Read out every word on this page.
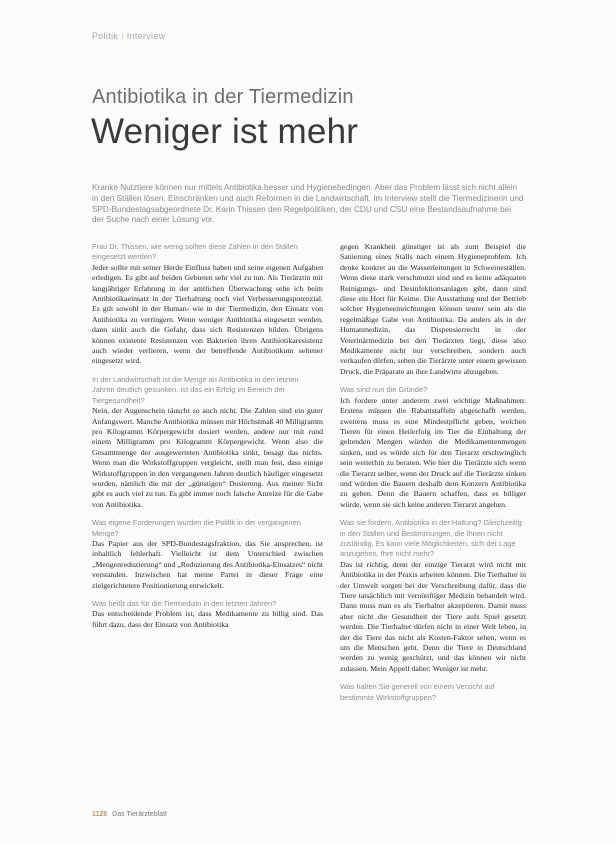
Politik | Interview
Antibiotika in der Tiermedizin
Weniger ist mehr
Kranke Nutztiere können nur mittels Antibiotika besser und Hygienebedingen. Aber das Problem lässt sich nicht allein in den Ställen lösen. Einschränken und auch Reformen in die Landwirtschaft. Im Interview stellt die Tiermedizinerin und SPD-Bundestagsabgeordnete Dr. Karin Thissen den Regelpolitiken, der CDU und CSU eine Bestandsaufnahme bei der Suche nach einer Lösung vor.
Frau Dr. Thissen, wie wenig sollten diese Zahlen in den Ställen eingesetzt werden?
Jeder sollte mit seiner Herde Einfluss haben und seine eigenen Aufgaben erledigen. Es gibt auf beiden Gebieten sehr viel zu tun. Als Tierärztin mit langjähriger Erfahrung in der amtlichen Überwachung sehe ich beim Antibiotikaeinsatz in der Tierhaltung noch viel Verbesserungspotenzial. Es gilt sowohl in der Human- wie in der Tiermedizin, den Einsatz von Antibiotika zu verringern. Wenn weniger Antibiotika eingesetzt werden, dann sinkt auch die Gefahr, dass sich Resistenzen bilden. Übrigens können existente Resistenzen von Bakterien ihren Antibiotikaresistenz auch wieder verlieren, wenn der betreffende Antibiotikum seltener eingesetzt wird.
In der Landwirtschaft ist die Menge an Antibiotika in den letzten Jahren deutlich gesunken. Ist das ein Erfolg im Bereich der Tiergesundheit?
Nein, der Augenschein täuscht so auch nicht. Die Zahlen sind ein guter Anfangswert. Manche Antibiotika müssen mit Höchstmaß 40 Milligramm pro Kilogramm Körpergewicht dosiert werden, andere nur mit rund einem Milligramm pro Kilogramm Körpergewicht. Wenn also die Gesamtmenge der ausgewerteten Antibiotika sinkt, besagt das nichts. Wenn man die Wirkstoffgruppen vergleicht, stellt man fest, dass einige Wirkstoffgruppen in den vergangenen Jahren deutlich häufiger eingesetzt wurden, nämlich die mit der „günstigen“ Dosierung. Aus meiner Sicht gibt es auch viel zu tun. Es gibt immer noch falsche Anreize für die Gabe von Antibiotika.
Was eigene Forderungen wurden die Politik in der vergangenen Menge?
Das Papier aus der SPD-Bundestagsfraktion, das Sie ansprechen, ist inhaltlich fehlerhaft. Vielleicht ist dem Unterschied zwischen „Mengenreduzierung“ und „Reduzierung des Antibiotika-Einsatzes“ nicht verstanden. Inzwischen hat meine Partei in dieser Frage eine zielgerichtetere Positionierung entwickelt.
Was heißt das für die Tiermedizin in den letzten Jahren?
Das entscheidende Problem ist, dass Medikamente zu billig sind. Das führt dazu, dass der Einsatz von Antibiotika
gegen Krankheit günstiger ist als zum Beispiel die Sanierung eines Stalls nach einem Hygieneproblem. Ich denke konkret an die Wasserleitungen in Schweineställen. Wenn diese stark verschmutzt sind und es keine adäquaten Reinigungs- und Desinfektionsanlagen gibt, dann sind diese ein Hort für Keime. Die Ausstattung und der Betrieb solcher Hygieneeinrichtungen können teurer sein als die regelmäßige Gabe von Antibiotika. Da anders als in der Humanmedizin, das Dispensierrecht in der Veterinärmedizin bei den Tierärzten liegt, diese also Medikamente nicht nur verschreiben, sondern auch verkaufen dürfen, sehen die Tierärzte unter einem gewissen Druck, die Präparate an ihre Landwirte abzugeben.
Was sind nun die Gründe?
Ich fordere unter anderem zwei wichtige Maßnahmen: Erstens müssen die Rabattstaffeln abgeschafft werden, zweitens muss es eine Mindestpflicht geben, welchen Tieren für einen Heilerfolg im Tier die Einhaltung der geltenden Mengen würden die Medikamentenmengen sinken, und es würde sich für den Tierarzt erschwinglich sein weiterhin zu beraten. Wie hier die Tierärzte sich wenn die Tierarzt selber, wenn der Druck auf die Tierärzte sinken und würden die Bauern deshalb dem Konzern Antibiotika zu geben. Denn die Bauern schaffen, dass es billiger würde, wenn sie sich keine anderen Tierarzt angehen.
Was sie fordern, Antibiotika in der Haltung? Gleichzeitig in den Ställen und Bestimmungen, die Ihnen nicht zuständig. Es kann viele Möglichkeiten, sich der Lage anzugehen, Ihre nicht mehr?
Das ist richtig, denn der einzige Tierarzt wird nicht mit Antibiotika in der Praxis arbeiten können. Die Tierhalter in der Umwelt sorgen bei der Verschreibung dafür, dass die Tiere tatsächlich mit vernünftiger Medizin behandelt wird. Dann muss man es als Tierhalter akzeptieren. Damit muss aber nicht die Gesundheit der Tiere aufs Spiel gesetzt werden. Die Tierhalter dürfen nicht in einer Welt leben, in der die Tiere das nicht als Kosten-Faktor sehen, wenn es um die Menschen geht. Denn die Tiere in Deutschland werden zu wenig geschützt, und das können wir nicht zulassen. Mein Appell daher: Weniger ist mehr.
Was halten Sie generell von einem Verzicht auf bestimmte Wirkstoffgruppen?
1128 Das Tierärzteblatt
